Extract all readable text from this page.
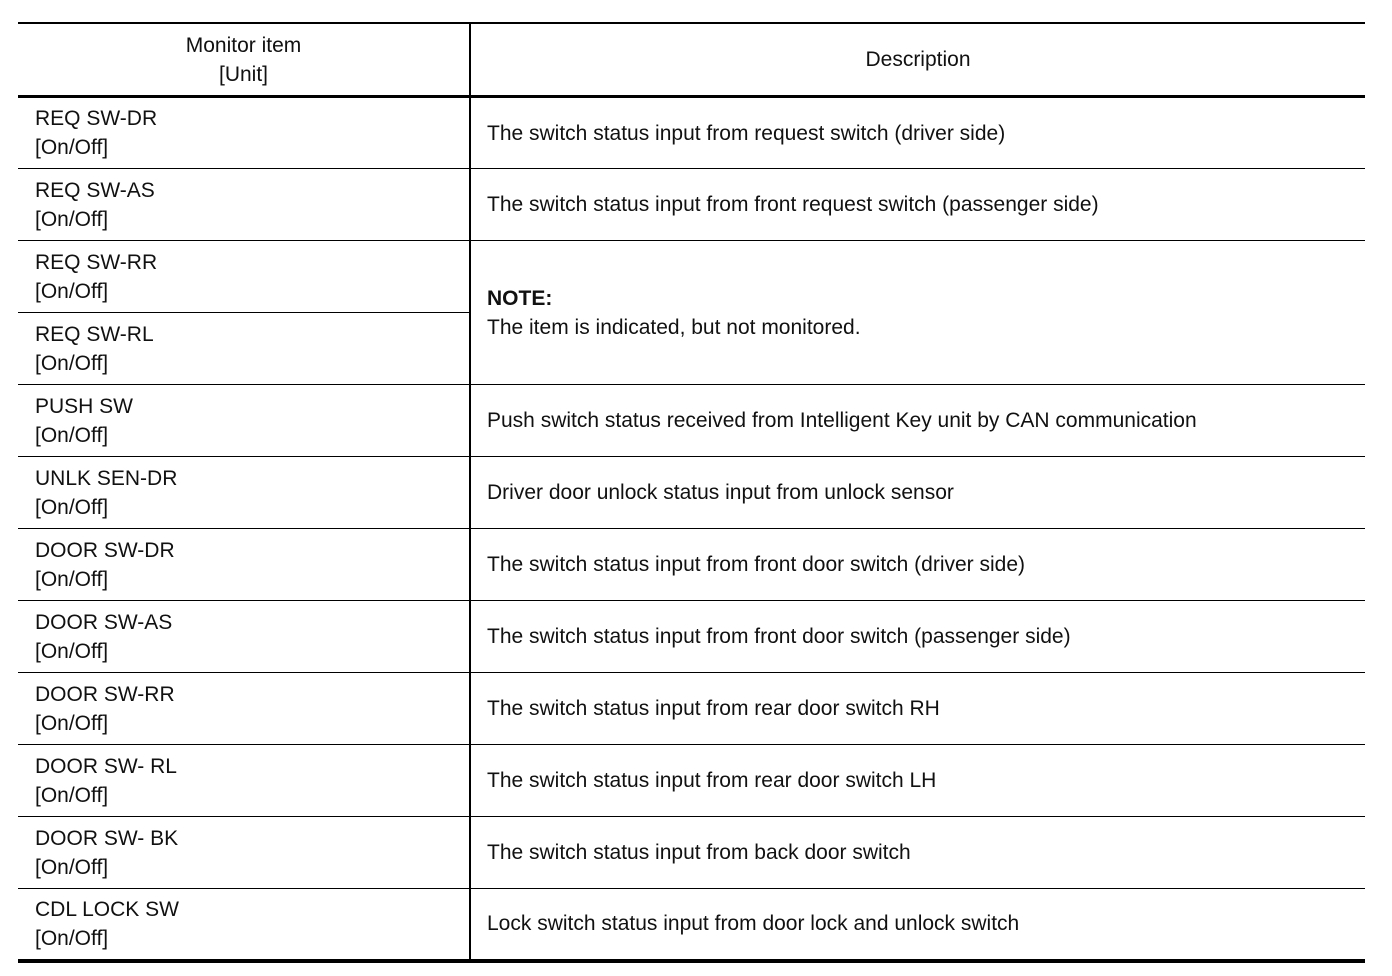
Monitor item
[Unit]	Description

REQ SW-DR
[On/Off]	The switch status input from request switch (driver side)

REQ SW-AS
[On/Off]	The switch status input from front request switch (passenger side)

REQ SW-RR
[On/Off]	NOTE:
The item is indicated, but not monitored.

REQ SW-RL
[On/Off]	

PUSH SW
[On/Off]	Push switch status received from Intelligent Key unit by CAN communication

UNLK SEN-DR
[On/Off]	Driver door unlock status input from unlock sensor

DOOR SW-DR
[On/Off]	The switch status input from front door switch (driver side)

DOOR SW-AS
[On/Off]	The switch status input from front door switch (passenger side)

DOOR SW-RR
[On/Off]	The switch status input from rear door switch RH

DOOR SW- RL
[On/Off]	The switch status input from rear door switch LH

DOOR SW- BK
[On/Off]	The switch status input from back door switch

CDL LOCK SW
[On/Off]	Lock switch status input from door lock and unlock switch
